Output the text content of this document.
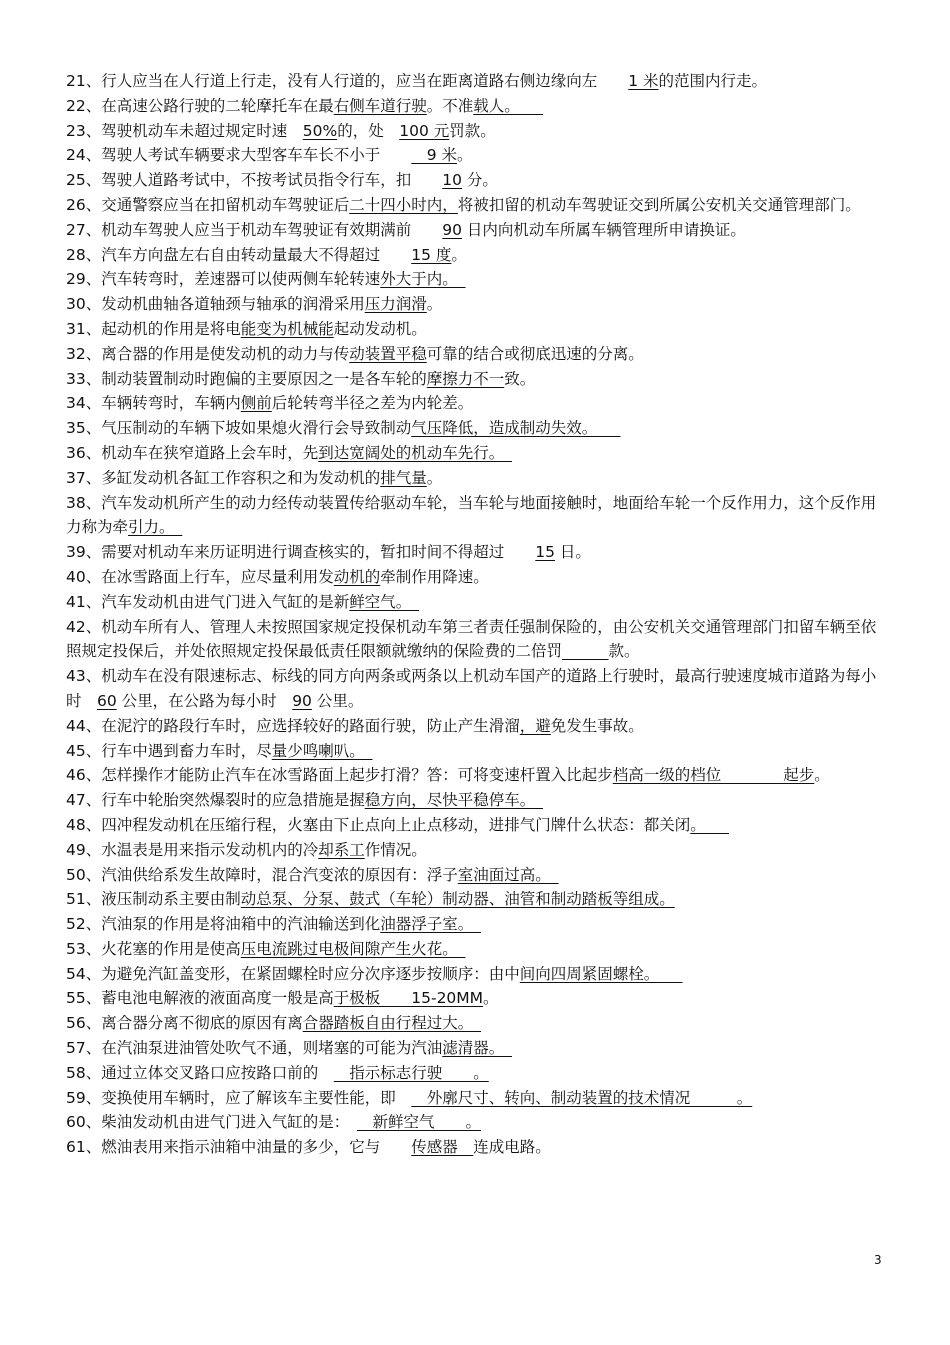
21、行人应当在人行道上行走，没有人行道的，应当在距离道路右侧边缘向左　　1 米的范围内行走。
22、在高速公路行驶的二轮摩托车在最右侧车道行驶。不准载人。　　
23、驾驶机动车未超过规定时速　50%的，处　100 元罚款。
24、驾驶人考试车辆要求大型客车车长不小于　　　9 米。
25、驾驶人道路考试中，不按考试员指令行车，扣　　10 分。
26、交通警察应当在扣留机动车驾驶证后二十四小时内，将被扣留的机动车驾驶证交到所属公安机关交通管理部门。
27、机动车驾驶人应当于机动车驾驶证有效期满前　　90 日内向机动车所属车辆管理所申请换证。
28、汽车方向盘左右自由转动量最大不得超过　　15 度。
29、汽车转弯时，差速器可以使两侧车轮转速外大于内。　
30、发动机曲轴各道轴颈与轴承的润滑采用压力润滑。
31、起动机的作用是将电能变为机械能起动发动机。
32、离合器的作用是使发动机的动力与传动装置平稳可靠的结合或彻底迅速的分离。
33、制动装置制动时跑偏的主要原因之一是各车轮的摩擦力不一致。
34、车辆转弯时，车辆内侧前后轮转弯半径之差为内轮差。
35、气压制动的车辆下坡如果熄火滑行会导致制动气压降低，造成制动失效。　　
36、机动车在狭窄道路上会车时，先到达宽阔处的机动车先行。　
37、多缸发动机各缸工作容积之和为发动机的排气量。
38、汽车发动机所产生的动力经传动装置传给驱动车轮，当车轮与地面接触时，地面给车轮一个反作用力，这个反作用力称为牵引力。　
39、需要对机动车来历证明进行调查核实的，暂扣时间不得超过　　15 日。
40、在冰雪路面上行车，应尽量利用发动机的牵制作用降速。
41、汽车发动机由进气门进入气缸的是新鲜空气。　
42、机动车所有人、管理人未按照国家规定投保机动车第三者责任强制保险的，由公安机关交通管理部门扣留车辆至依照规定投保后，并处依照规定投保最低责任限额就缴纳的保险费的二倍罚　　　	款。
43、机动车在没有限速标志、标线的同方向两条或两条以上机动车国产的道路上行驶时，最高行驶速度城市道路为每小时　60 公里，在公路为每小时　90 公里。
44、在泥泞的路段行车时，应选择较好的路面行驶，防止产生滑溜，避免发生事故。
45、行车中遇到畜力车时，尽量少鸣喇叭。　
46、怎样操作才能防止汽车在冰雪路面上起步打滑？答：可将变速杆置入比起步档高一级的档位　　　　起步。
47、行车中轮胎突然爆裂时的应急措施是握稳方向，尽快平稳停车。　
48、四冲程发动机在压缩行程，火塞由下止点向上止点移动，进排气门牌什么状态：都关闭。　　
49、水温表是用来指示发动机内的冷却系工作情况。
50、汽油供给系发生故障时，混合汽变浓的原因有：浮子室油面过高。　
51、液压制动系主要由制动总泵、分泵、鼓式（车轮）制动器、油管和制动踏板等组成。
52、汽油泵的作用是将油箱中的汽油输送到化油器浮子室。　
53、火花塞的作用是使高压电流跳过电极间隙产生火花。　
54、为避免汽缸盖变形，在紧固螺栓时应分次序逐步按顺序：由中间向四周紧固螺栓。　　
55、蓄电池电解液的液面高度一般是高于极板　　15-20MM。
56、离合器分离不彻底的原因有离合器踏板自由行程过大。　
57、在汽油泵进油管处吹气不通，则堵塞的可能为汽油滤清器。　
58、通过立体交叉路口应按路口前的　　指示标志行驶　　。
59、变换使用车辆时，应了解该车主要性能，即　　外廓尺寸、转向、制动装置的技术情况　　　。
60、柴油发动机由进气门进入气缸的是：　　新鲜空气　　。
61、燃油表用来指示油箱中油量的多少，它与　　传感器　连成电路。
3
